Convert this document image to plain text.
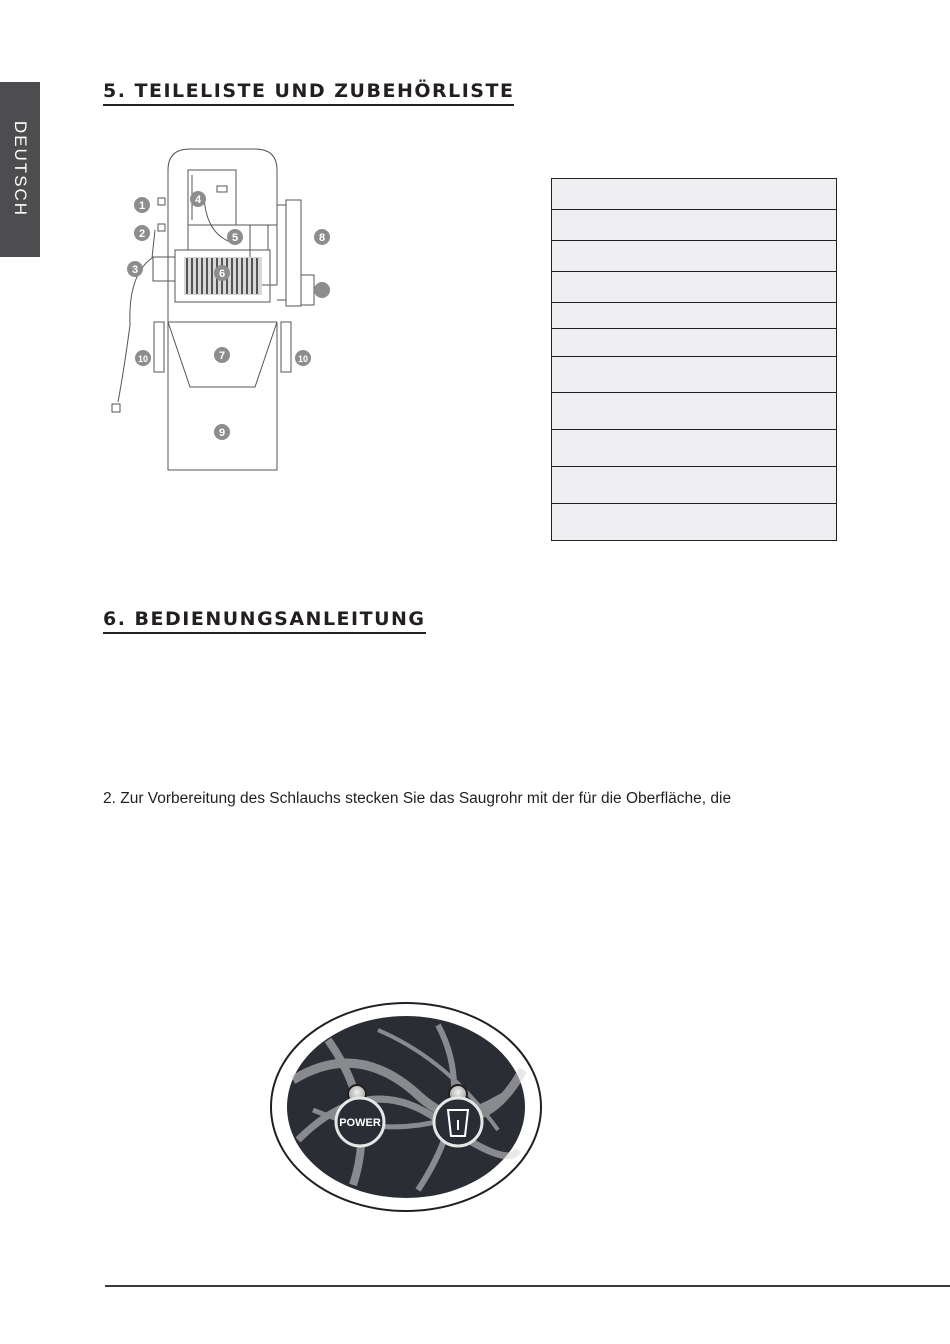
DEUTSCH
5. TEILELISTE UND ZUBEHÖRLISTE
1
2
3
4
5
6
7
8
9
10	10
6. BEDIENUNGSANLEITUNG
2. Zur Vorbereitung des Schlauchs stecken Sie das Saugrohr mit der für die Oberfläche, die
POWER
